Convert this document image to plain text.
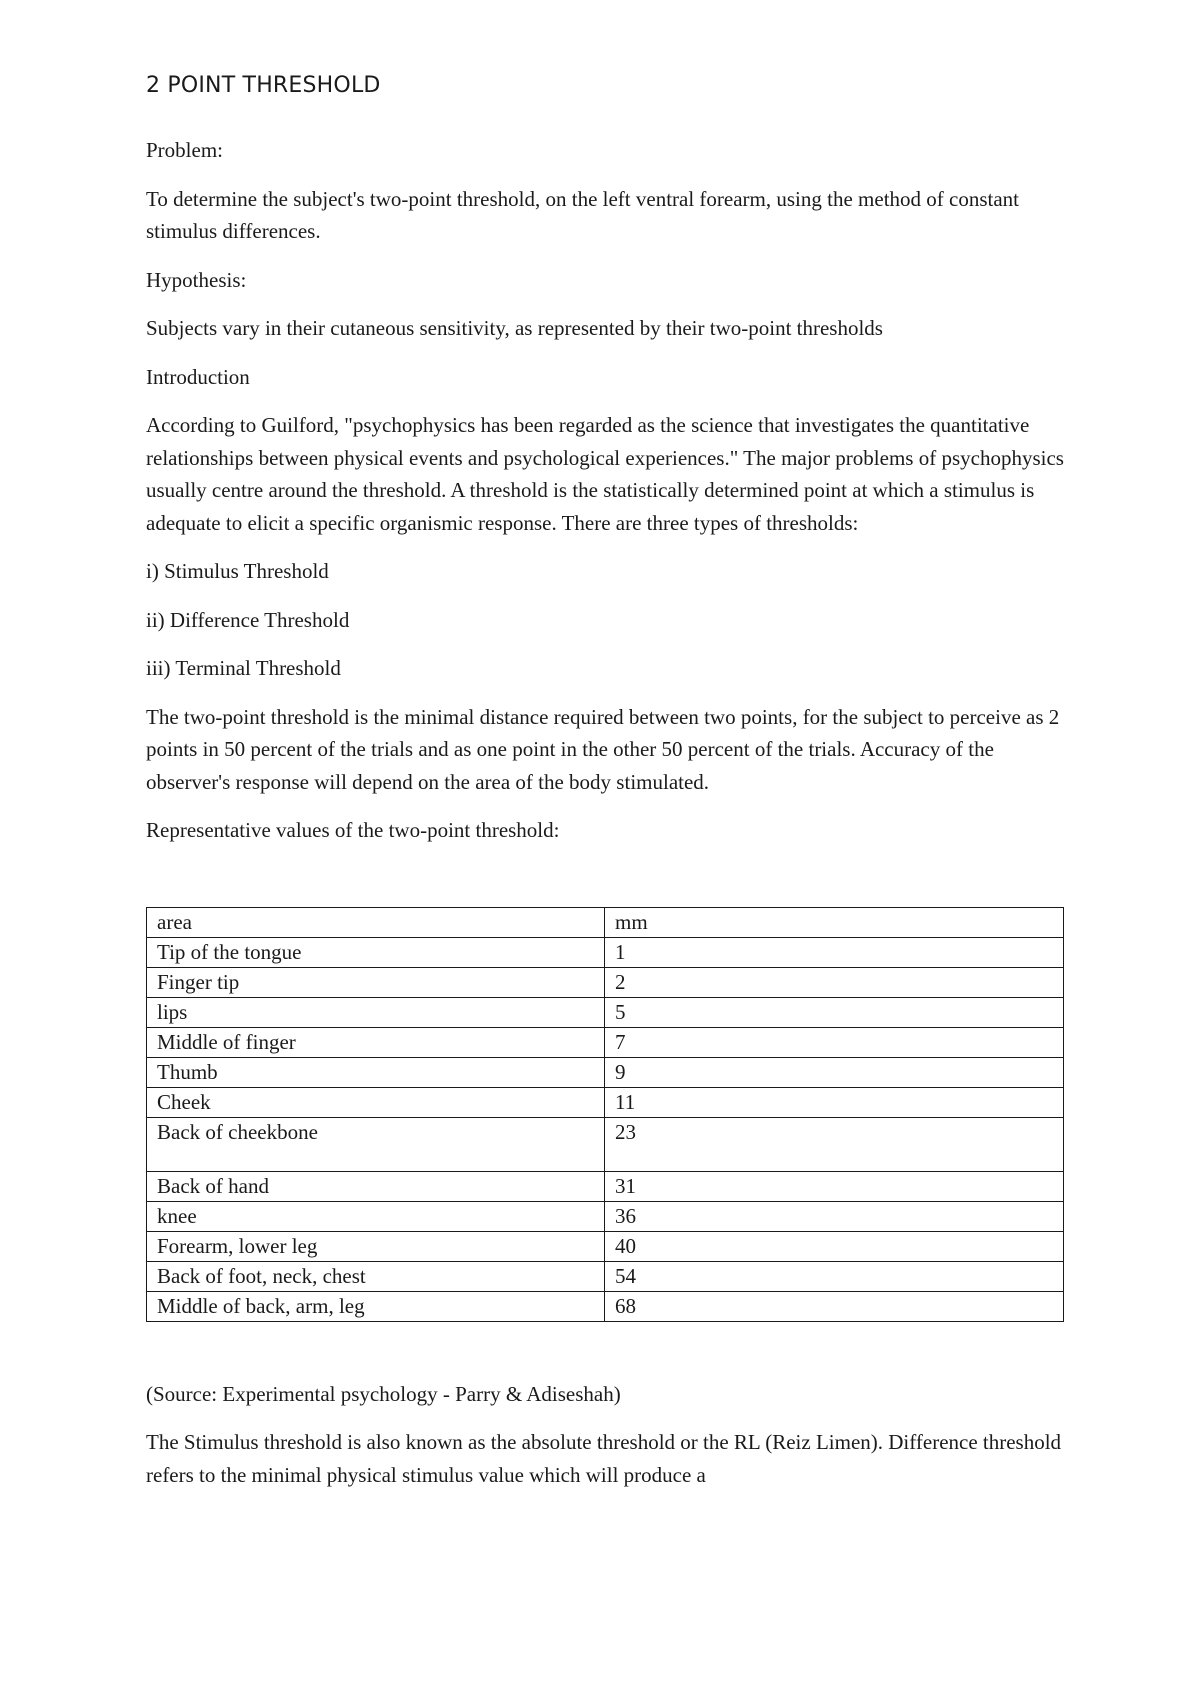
2 POINT THRESHOLD

Problem:

To determine the subject's two-point threshold, on the left ventral forearm, using the method of constant stimulus differences.

Hypothesis:

Subjects vary in their cutaneous sensitivity, as represented by their two-point thresholds

Introduction

According to Guilford, "psychophysics has been regarded as the science that investigates the quantitative relationships between physical events and psychological experiences." The major problems of psychophysics usually centre around the threshold. A threshold is the statistically determined point at which a stimulus is adequate to elicit a specific organismic response. There are three types of thresholds:

i) Stimulus Threshold

ii) Difference Threshold

iii) Terminal Threshold

The two-point threshold is the minimal distance required between two points, for the subject to perceive as 2 points in 50 percent of the trials and as one point in the other 50 percent of the trials. Accuracy of the observer's response will depend on the area of the body stimulated.

Representative values of the two-point threshold:

area	mm
Tip of the tongue	1
Finger tip	2
lips	5
Middle of finger	7
Thumb	9
Cheek	11
Back of cheekbone	23
Back of hand	31
knee	36
Forearm, lower leg	40
Back of foot, neck, chest	54
Middle of back, arm, leg	68

(Source: Experimental psychology - Parry & Adiseshah)

The Stimulus threshold is also known as the absolute threshold or the RL (Reiz Limen). Difference threshold refers to the minimal physical stimulus value which will produce a
